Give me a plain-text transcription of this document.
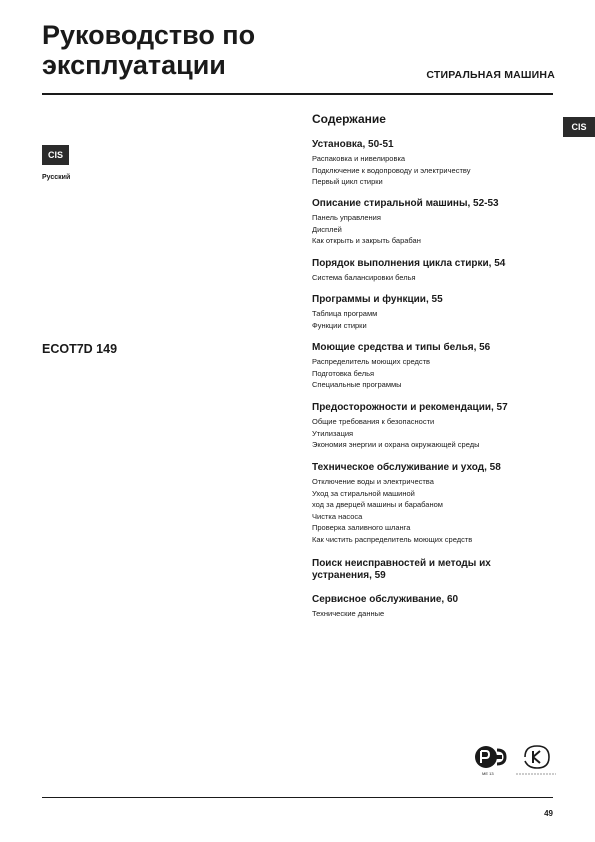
Руководство по
эксплуатации	СТИРАЛЬНАЯ МАШИНА
CIS
Русский
ECOT7D 149
CIS
Содержание
Установка, 50-51
Распаковка и нивелировка
Подключение к водопроводу и электричеству
Первый цикл стирки
Описание стиральной машины, 52-53
Панель управления
Дисплей
Как открыть и закрыть барабан
Порядок выполнения цикла стирки, 54
Система балансировки белья
Программы и функции, 55
Таблица программ
Функции стирки
Моющие средства и типы белья, 56
Распределитель моющих средств
Подготовка белья
Специальные программы
Предосторожности и рекомендации, 57
Общие требования к безопасности
Утилизация
Экономия энергии и охрана окружающей среды
Техническое обслуживание и уход, 58
Отключение воды и электричества
Уход за стиральной машиной
ход за дверцей машины и барабаном
Чистка насоса
Проверка заливного шланга
Как чистить распределитель моющих средств
Поиск неисправностей и методы их
устранения, 59
Сервисное обслуживание, 60
Технические данные
МЕ 13
49
